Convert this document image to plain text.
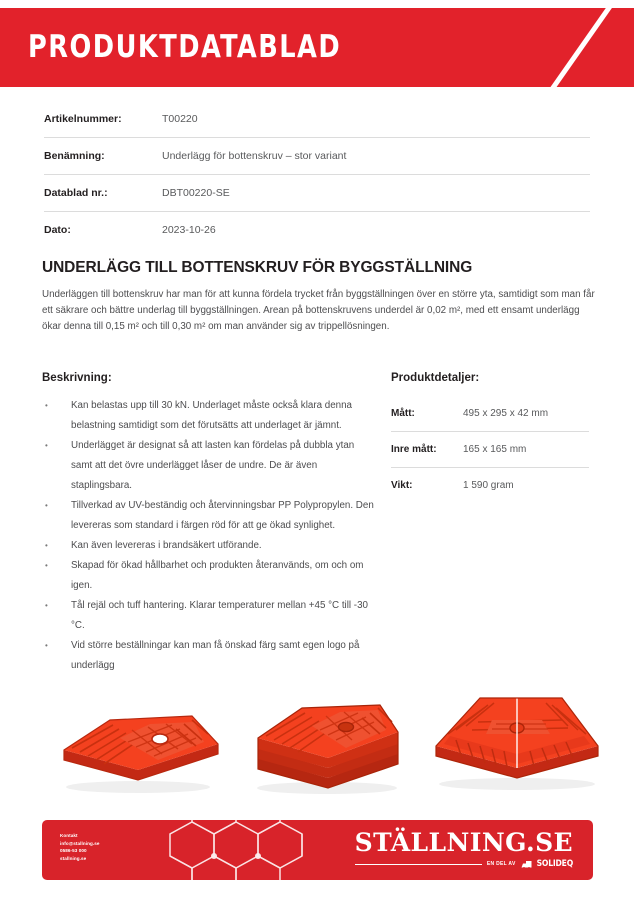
PRODUKTDATABLAD
Artikelnummer:	T00220
Benämning:	Underlägg för bottenskruv – stor variant
Datablad nr.:	DBT00220-SE
Dato:	2023-10-26
UNDERLÄGG TILL BOTTENSKRUV FÖR BYGGSTÄLLNING
Underläggen till bottenskruv har man för att kunna fördela trycket från byggställningen över en större yta, samtidigt som man får ett säkrare och bättre underlag till byggställningen. Arean på bottenskruvens underdel är 0,02 m², med ett ensamt underlägg ökar denna till 0,15 m² och till 0,30 m² om man använder sig av trippellösningen.
Beskrivning:
• Kan belastas upp till 30 kN. Underlaget måste också klara denna belastning samtidigt som det förutsätts att underlaget är jämnt.
• Underlägget är designat så att lasten kan fördelas på dubbla ytan samt att det övre underlägget låser de undre. De är även staplingsbara.
• Tillverkad av UV-beständig och återvinningsbar PP Polypropylen. Den levereras som standard i färgen röd för att ge ökad synlighet.
• Kan även levereras i brandsäkert utförande.
• Skapad för ökad hållbarhet och produkten återanvänds, om och om igen.
• Tål rejäl och tuff hantering. Klarar temperaturer mellan +45 °C till -30 °C.
• Vid större beställningar kan man få önskad färg samt egen logo på underlägg
Produktdetaljer:
Mått:	495 x 295 x 42 mm
Inre mått:	165 x 165 mm
Vikt:	1 590 gram
Kontakt
info@stallning.se
0586-53 000
stallning.se
STÄLLNING.SE
EN DEL AV SOLIDEQ
